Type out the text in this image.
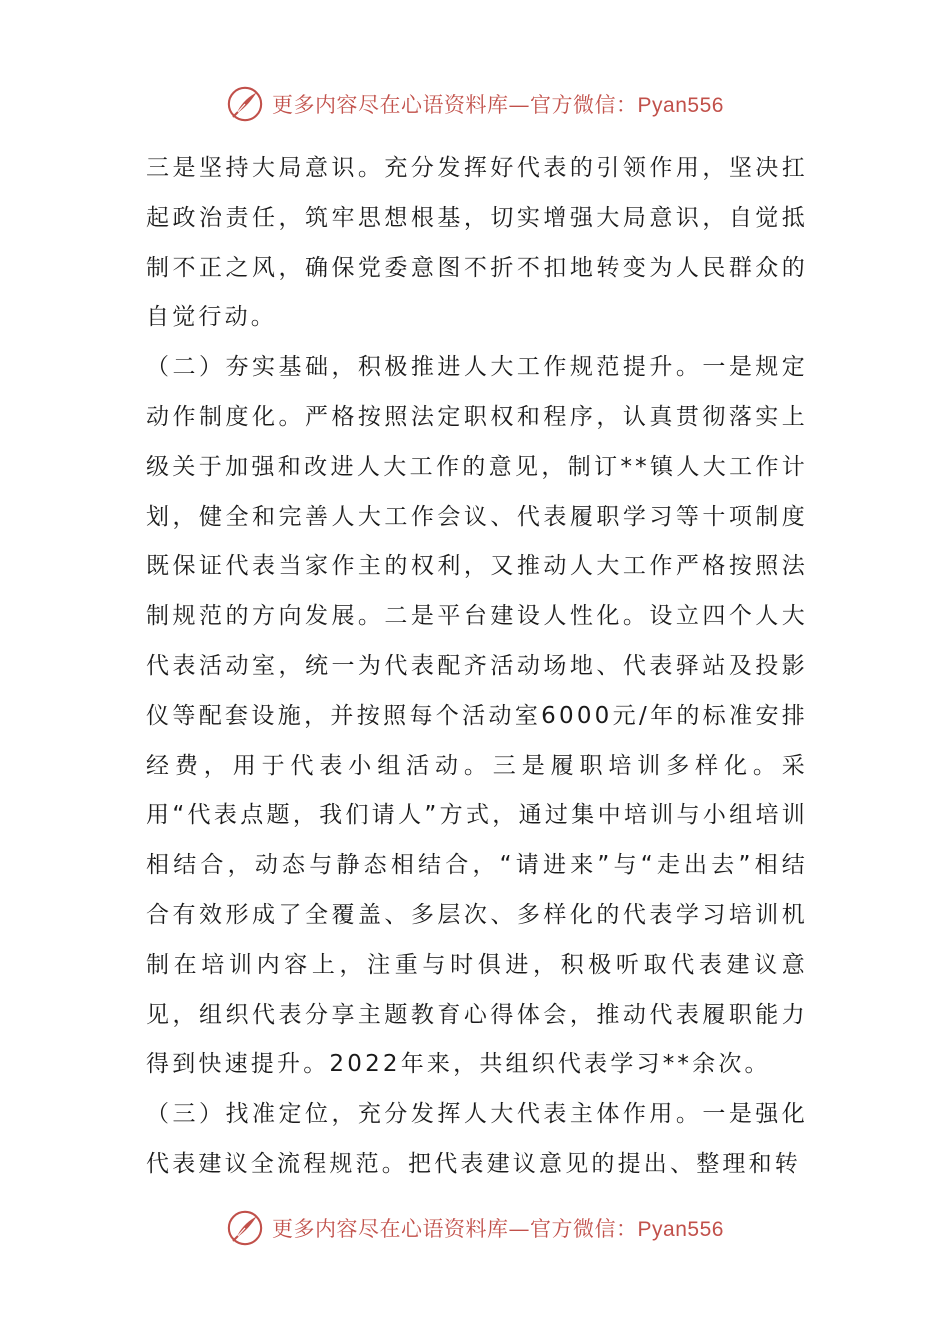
更多内容尽在心语资料库—官方微信：Pyan556

三是坚持大局意识。充分发挥好代表的引领作用，坚决扛起政治责任，筑牢思想根基，切实增强大局意识，自觉抵制不正之风，确保党委意图不折不扣地转变为人民群众的自觉行动。

（二）夯实基础，积极推进人大工作规范提升。一是规定动作制度化。严格按照法定职权和程序，认真贯彻落实上级关于加强和改进人大工作的意见，制订**镇人大工作计划，健全和完善人大工作会议、代表履职学习等十项制度既保证代表当家作主的权利，又推动人大工作严格按照法制规范的方向发展。二是平台建设人性化。设立四个人大代表活动室，统一为代表配齐活动场地、代表驿站及投影仪等配套设施，并按照每个活动室6000元/年的标准安排经费，用于代表小组活动。三是履职培训多样化。采用“代表点题，我们请人”方式，通过集中培训与小组培训相结合，动态与静态相结合，“请进来”与“走出去”相结合有效形成了全覆盖、多层次、多样化的代表学习培训机制在培训内容上，注重与时俱进，积极听取代表建议意见，组织代表分享主题教育心得体会，推动代表履职能力得到快速提升。2022年来，共组织代表学习**余次。

（三）找准定位，充分发挥人大代表主体作用。一是强化代表建议全流程规范。把代表建议意见的提出、整理和转

更多内容尽在心语资料库—官方微信：Pyan556
